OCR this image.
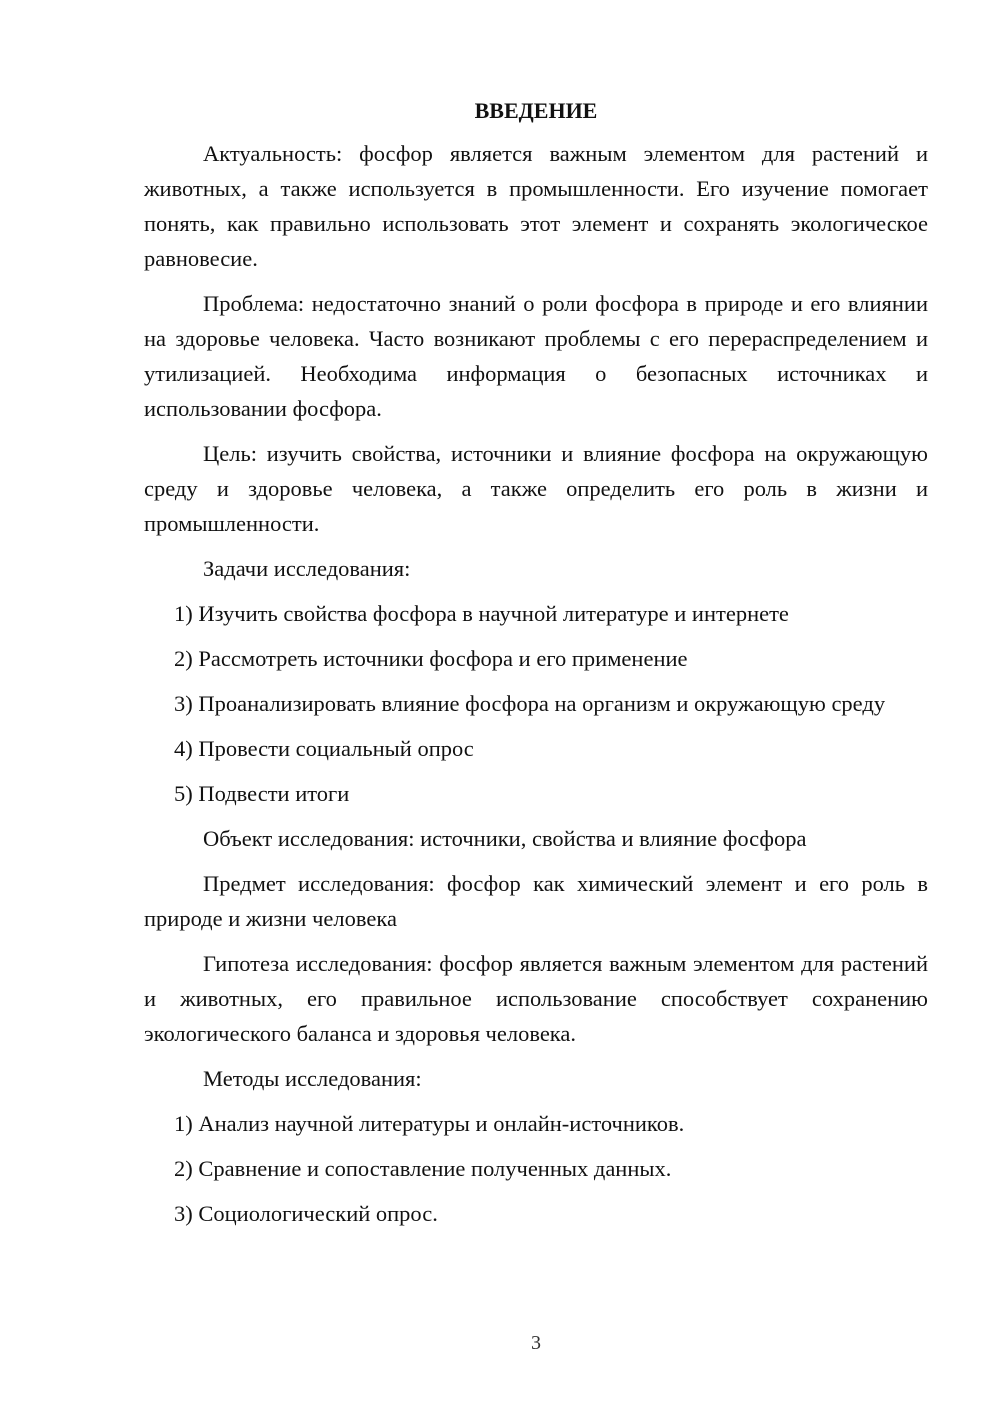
ВВЕДЕНИЕ

Актуальность: фосфор является важным элементом для растений и животных, а также используется в промышленности. Его изучение помогает понять, как правильно использовать этот элемент и сохранять экологическое равновесие.

Проблема: недостаточно знаний о роли фосфора в природе и его влиянии на здоровье человека. Часто возникают проблемы с его перераспределением и утилизацией. Необходима информация о безопасных источниках и использовании фосфора.

Цель: изучить свойства, источники и влияние фосфора на окружающую среду и здоровье человека, а также определить его роль в жизни и промышленности.

Задачи исследования:

1) Изучить свойства фосфора в научной литературе и интернете

2) Рассмотреть источники фосфора и его применение

3) Проанализировать влияние фосфора на организм и окружающую среду

4) Провести социальный опрос

5) Подвести итоги

Объект исследования: источники, свойства и влияние фосфора

Предмет исследования: фосфор как химический элемент и его роль в природе и жизни человека

Гипотеза исследования: фосфор является важным элементом для растений и животных, его правильное использование способствует сохранению экологического баланса и здоровья человека.

Методы исследования:

1) Анализ научной литературы и онлайн-источников.

2) Сравнение и сопоставление полученных данных.

3) Социологический опрос.

3
